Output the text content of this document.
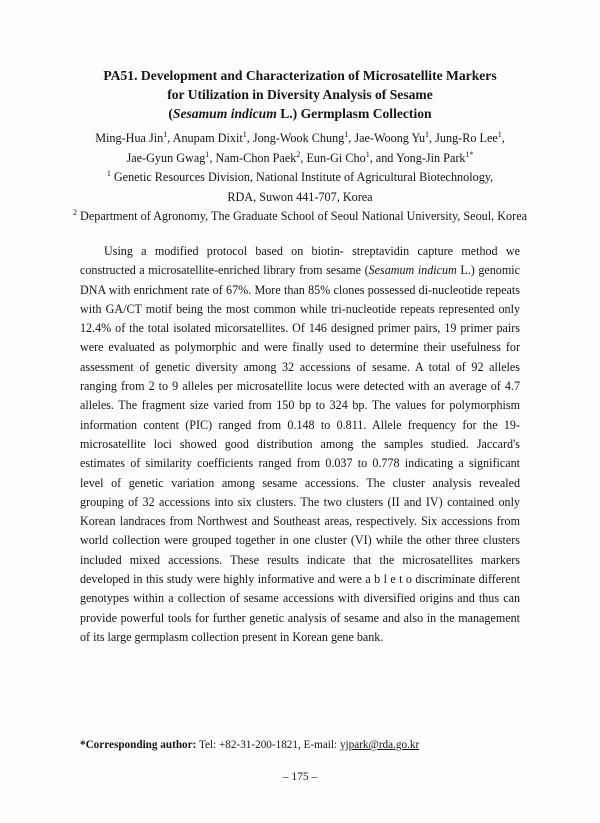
PA51. Development and Characterization of Microsatellite Markers
for Utilization in Diversity Analysis of Sesame
(Sesamum indicum L.) Germplasm Collection
Ming-Hua Jin$^1$, Anupam Dixit$^1$, Jong-Wook Chung$^1$, Jae-Woong Yu$^1$, Jung-Ro Lee$^1$,
Jae-Gyun Gwag$^1$, Nam-Chon Paek$^2$, Eun-Gi Cho$^1$, and Yong-Jin Park$^{1*}$
$^1$ Genetic Resources Division, National Institute of Agricultural Biotechnology,
RDA, Suwon 441-707, Korea
$^2$ Department of Agronomy, The Graduate School of Seoul National University, Seoul, Korea
Using a modified protocol based on biotin- streptavidin capture method we constructed a microsatellite-enriched library from sesame (Sesamum indicum L.) genomic DNA with enrichment rate of 67%. More than 85% clones possessed di-nucleotide repeats with GA/CT motif being the most common while tri-nucleotide repeats represented only 12.4% of the total isolated micorsatellites. Of 146 designed primer pairs, 19 primer pairs were evaluated as polymorphic and were finally used to determine their usefulness for assessment of genetic diversity among 32 accessions of sesame. A total of 92 alleles ranging from 2 to 9 alleles per microsatellite locus were detected with an average of 4.7 alleles. The fragment size varied from 150 bp to 324 bp. The values for polymorphism information content (PIC) ranged from 0.148 to 0.811. Allele frequency for the 19-microsatellite loci showed good distribution among the samples studied. Jaccard's estimates of similarity coefficients ranged from 0.037 to 0.778 indicating a significant level of genetic variation among sesame accessions. The cluster analysis revealed grouping of 32 accessions into six clusters. The two clusters (II and IV) contained only Korean landraces from Northwest and Southeast areas, respectively. Six accessions from world collection were grouped together in one cluster (VI) while the other three clusters included mixed accessions. These results indicate that the microsatellites markers developed in this study were highly informative and were a b l e t o discriminate different genotypes within a collection of sesame accessions with diversified origins and thus can provide powerful tools for further genetic analysis of sesame and also in the management of its large germplasm collection present in Korean gene bank.
*Corresponding author: Tel: +82-31-200-1821, E-mail: yjpark@rda.go.kr
– 175 –
